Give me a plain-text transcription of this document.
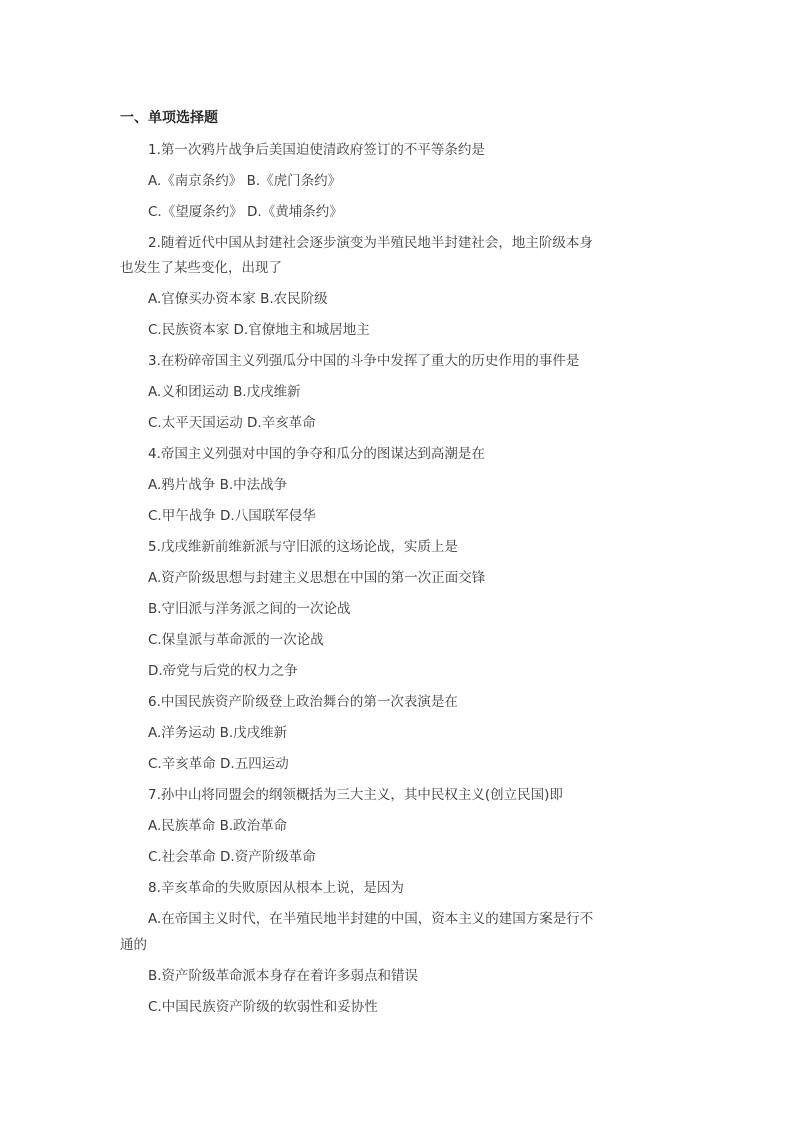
一、单项选择题
1.第一次鸦片战争后美国迫使清政府签订的不平等条约是
A.《南京条约》 B.《虎门条约》
C.《望厦条约》 D.《黄埔条约》
2.随着近代中国从封建社会逐步演变为半殖民地半封建社会，地主阶级本身
也发生了某些变化，出现了
A.官僚买办资本家 B.农民阶级
C.民族资本家 D.官僚地主和城居地主
3.在粉碎帝国主义列强瓜分中国的斗争中发挥了重大的历史作用的事件是
A.义和团运动 B.戊戌维新
C.太平天国运动 D.辛亥革命
4.帝国主义列强对中国的争夺和瓜分的图谋达到高潮是在
A.鸦片战争 B.中法战争
C.甲午战争 D.八国联军侵华
5.戊戌维新前维新派与守旧派的这场论战，实质上是
A.资产阶级思想与封建主义思想在中国的第一次正面交锋
B.守旧派与洋务派之间的一次论战
C.保皇派与革命派的一次论战
D.帝党与后党的权力之争
6.中国民族资产阶级登上政治舞台的第一次表演是在
A.洋务运动 B.戊戌维新
C.辛亥革命 D.五四运动
7.孙中山将同盟会的纲领概括为三大主义，其中民权主义(创立民国)即
A.民族革命 B.政治革命
C.社会革命 D.资产阶级革命
8.辛亥革命的失败原因从根本上说，是因为
A.在帝国主义时代，在半殖民地半封建的中国，资本主义的建国方案是行不
通的
B.资产阶级革命派本身存在着许多弱点和错误
C.中国民族资产阶级的软弱性和妥协性
